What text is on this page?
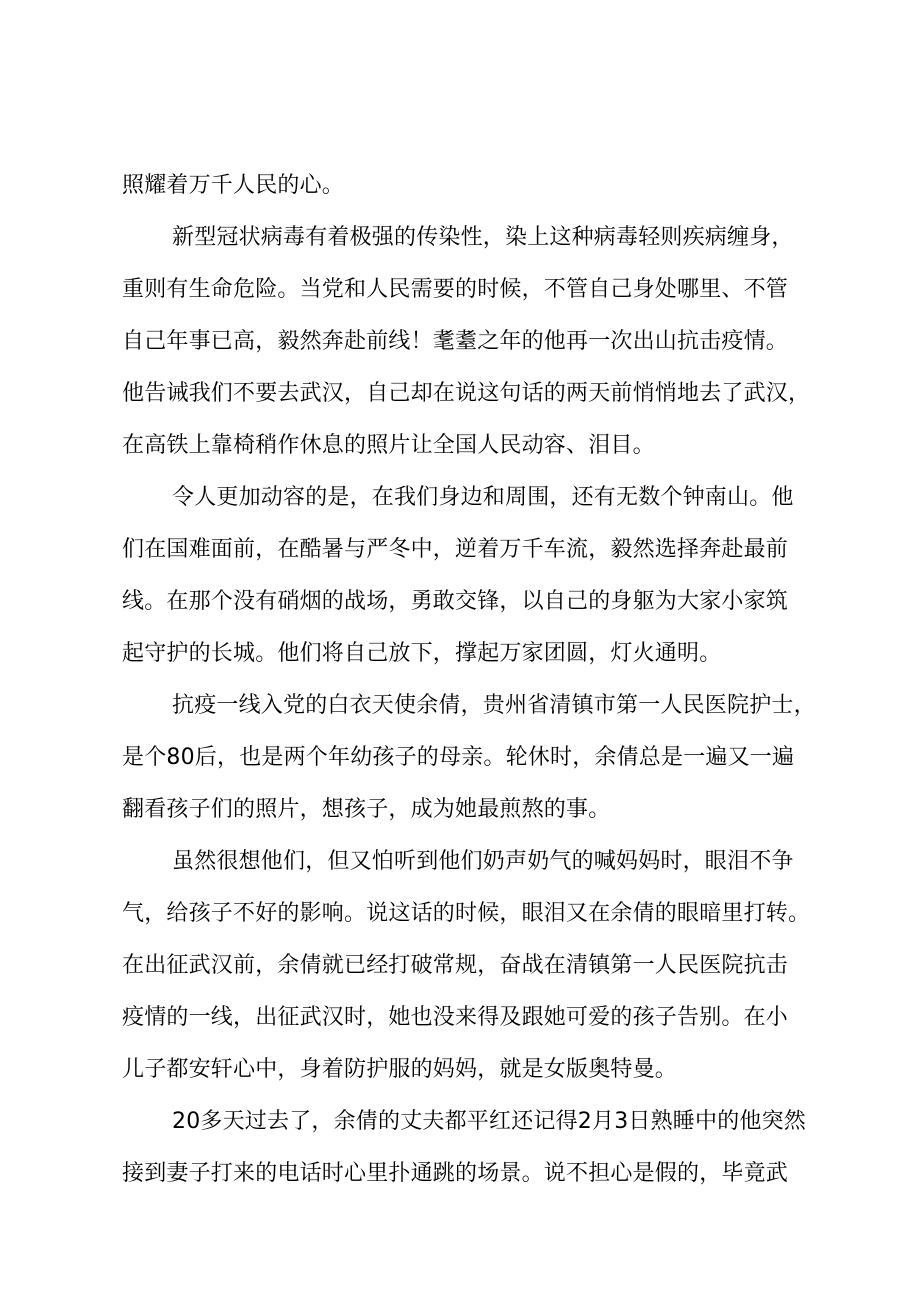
照耀着万千人民的心。
新型冠状病毒有着极强的传染性，染上这种病毒轻则疾病缠身，
重则有生命危险。当党和人民需要的时候，不管自己身处哪里、不管
自己年事已高，毅然奔赴前线！耄耋之年的他再一次出山抗击疫情。
他告诫我们不要去武汉，自己却在说这句话的两天前悄悄地去了武汉，
在高铁上靠椅稍作休息的照片让全国人民动容、泪目。
令人更加动容的是，在我们身边和周围，还有无数个钟南山。他
们在国难面前，在酷暑与严冬中，逆着万千车流，毅然选择奔赴最前
线。在那个没有硝烟的战场，勇敢交锋，以自己的身躯为大家小家筑
起守护的长城。他们将自己放下，撑起万家团圆，灯火通明。
抗疫一线入党的白衣天使余倩，贵州省清镇市第一人民医院护士，
是个80后，也是两个年幼孩子的母亲。轮休时，余倩总是一遍又一遍
翻看孩子们的照片，想孩子，成为她最煎熬的事。
虽然很想他们，但又怕听到他们奶声奶气的喊妈妈时，眼泪不争
气，给孩子不好的影响。说这话的时候，眼泪又在余倩的眼暗里打转。
在出征武汉前，余倩就已经打破常规，奋战在清镇第一人民医院抗击
疫情的一线，出征武汉时，她也没来得及跟她可爱的孩子告别。在小
儿子都安轩心中，身着防护服的妈妈，就是女版奥特曼。
20多天过去了，余倩的丈夫都平红还记得2月3日熟睡中的他突然
接到妻子打来的电话时心里扑通跳的场景。说不担心是假的，毕竟武
